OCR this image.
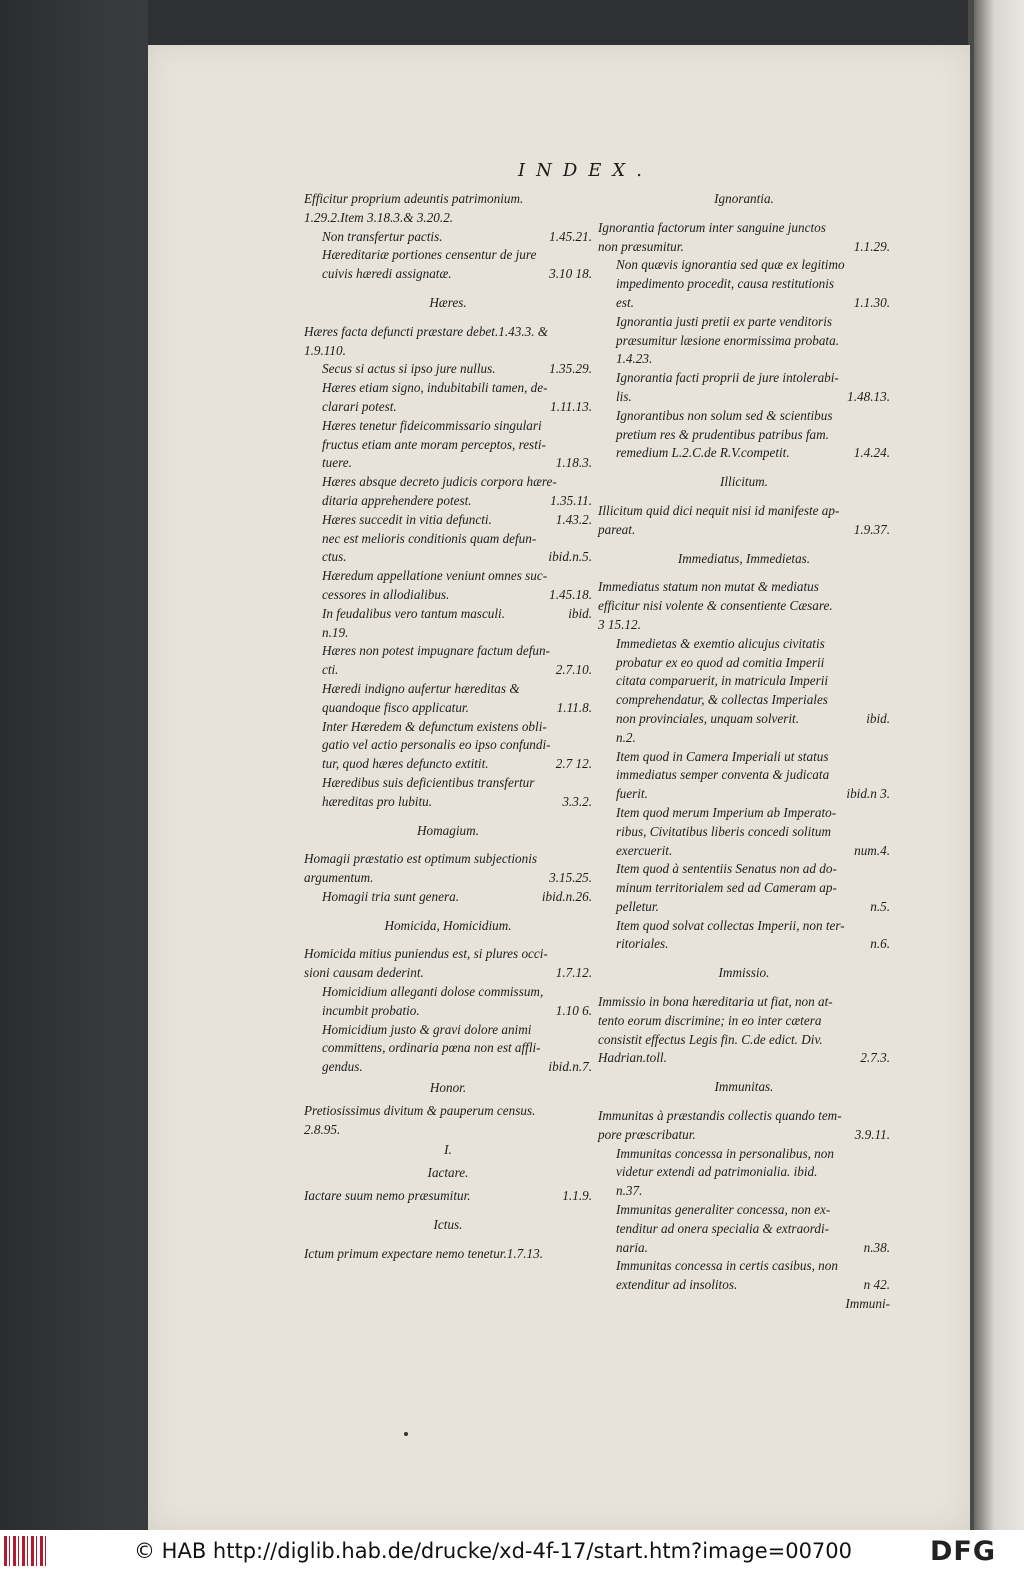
INDEX.
Efficitur proprium adeuntis patrimonium.
1.29.2.Item 3.18.3.& 3.20.2.
Non transfertur pactis.	1.45.21.
Hæreditariæ portiones censentur de jure
cuivis hæredi assignatæ.	3.10 18.
Hæres.
Hæres facta defuncti præstare debet.1.43.3. &
1.9.110.
Secus si actus si ipso jure nullus.	1.35.29.
Hæres etiam signo, indubitabili tamen, de-
clarari potest.	1.11.13.
Hæres tenetur fideicommissario singulari
fructus etiam ante moram perceptos, resti-
tuere.	1.18.3.
Hæres absque decreto judicis corpora hære-
ditaria apprehendere potest.	1.35.11.
Hæres succedit in vitia defuncti.	1.43.2.
nec est melioris conditionis quam defun-
ctus.	ibid.n.5.
Hæredum appellatione veniunt omnes suc-
cessores in allodialibus.	1.45.18.
In feudalibus vero tantum masculi.	ibid.
n.19.
Hæres non potest impugnare factum defun-
cti.	2.7.10.
Hæredi indigno aufertur hæreditas &
quandoque fisco applicatur.	1.11.8.
Inter Hæredem & defunctum existens obli-
gatio vel actio personalis eo ipso confundi-
tur, quod hæres defuncto extitit.	2.7 12.
Hæredibus suis deficientibus transfertur
hæreditas pro lubitu.	3.3.2.
Homagium.
Homagii præstatio est optimum subjectionis
argumentum.	3.15.25.
Homagii tria sunt genera.	ibid.n.26.
Homicida, Homicidium.
Homicida mitius puniendus est, si plures occi-
sioni causam dederint.	1.7.12.
Homicidium alleganti dolose commissum,
incumbit probatio.	1.10 6.
Homicidium justo & gravi dolore animi
committens, ordinaria pœna non est affli-
gendus.	ibid.n.7.
Honor.
Pretiosissimus divitum & pauperum census.
2.8.95.
I.
Iactare.
Iactare suum nemo præsumitur.	1.1.9.
Ictus.
Ictum primum expectare nemo tenetur.1.7.13.
Ignorantia.
Ignorantia factorum inter sanguine junctos
non præsumitur.	1.1.29.
Non quævis ignorantia sed quæ ex legitimo
impedimento procedit, causa restitutionis
est.	1.1.30.
Ignorantia justi pretii ex parte venditoris
præsumitur læsione enormissima probata.
1.4.23.
Ignorantia facti proprii de jure intolerabi-
lis.	1.48.13.
Ignorantibus non solum sed & scientibus
pretium res & prudentibus patribus fam.
remedium L.2.C.de R.V.competit.	1.4.24.
Illicitum.
Illicitum quid dici nequit nisi id manifeste ap-
pareat.	1.9.37.
Immediatus, Immedietas.
Immediatus statum non mutat & mediatus
efficitur nisi volente & consentiente Cæsare.
3 15.12.
Immedietas & exemtio alicujus civitatis
probatur ex eo quod ad comitia Imperii
citata comparuerit, in matricula Imperii
comprehendatur, & collectas Imperiales
non provinciales, unquam solverit.	ibid.
n.2.
Item quod in Camera Imperiali ut status
immediatus semper conventa & judicata
fuerit.	ibid.n 3.
Item quod merum Imperium ab Imperato-
ribus, Civitatibus liberis concedi solitum
exercuerit.	num.4.
Item quod à sententiis Senatus non ad do-
minum territorialem sed ad Cameram ap-
pelletur.	n.5.
Item quod solvat collectas Imperii, non ter-
ritoriales.	n.6.
Immissio.
Immissio in bona hæreditaria ut fiat, non at-
tento eorum discrimine; in eo inter cætera
consistit effectus Legis fin. C.de edict. Div.
Hadrian.toll.	2.7.3.
Immunitas.
Immunitas à præstandis collectis quando tem-
pore præscribatur.	3.9.11.
Immunitas concessa in personalibus, non
videtur extendi ad patrimonialia. ibid.
n.37.
Immunitas generaliter concessa, non ex-
tenditur ad onera specialia & extraordi-
naria.	n.38.
Immunitas concessa in certis casibus, non
extenditur ad insolitos.	n 42.
Immuni-
© HAB http://diglib.hab.de/drucke/xd-4f-17/start.htm?image=00700	DFG
